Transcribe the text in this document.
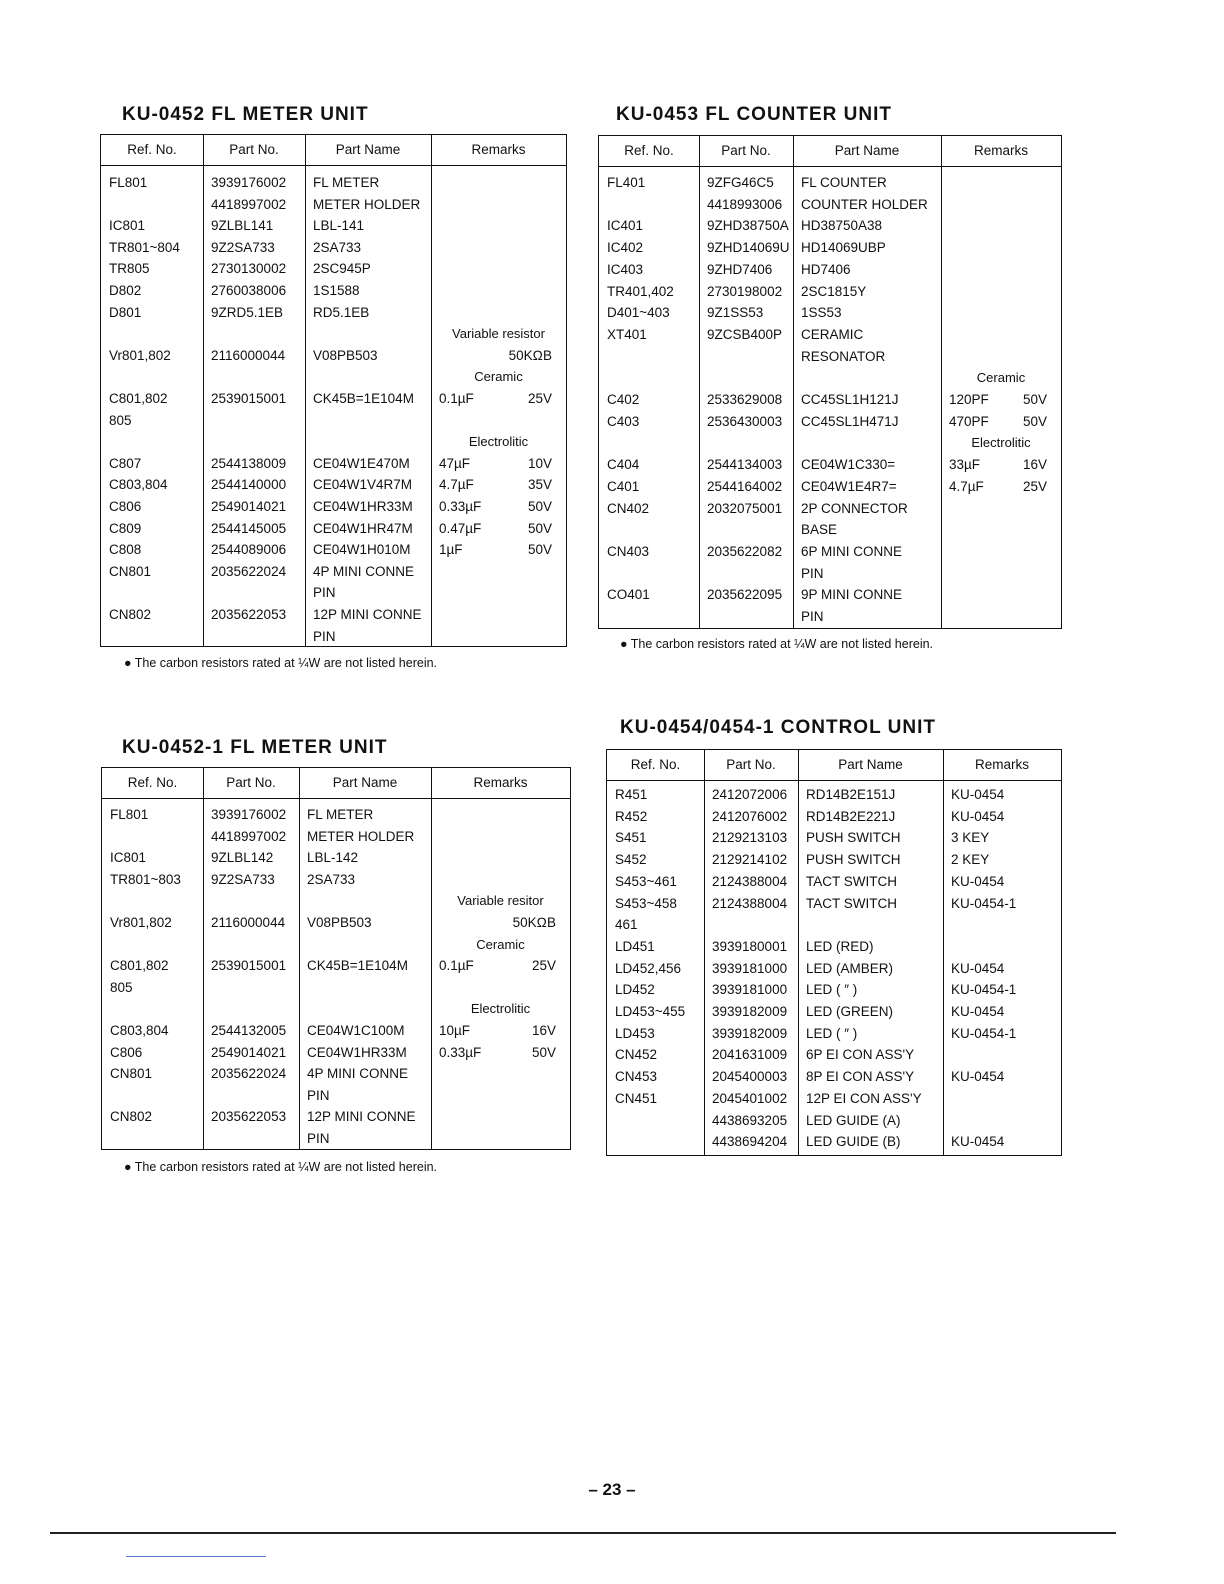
KU-0452 FL METER UNIT
Ref. No.	Part No.	Part Name	Remarks
FL801	3939176002 FL METER
4418997002 METER HOLDER
IC801	9ZLBL141	LBL-141
TR801~804 9Z2SA733	2SA733
TR805	2730130002 2SC945P
D802	2760038006 1S1588
D801	9ZRD5.1EB RD5.1EB
Variable resistor
Vr801,802	2116000044 V08PB503	50KΩB
Ceramic
C801,802	2539015001 CK45B=1E104M 0.1µF	25V
805
Electrolitic
C807	2544138009 CE04W1E470M 47µF	10V
C803,804	2544140000 CE04W1V4R7M 4.7µF	35V
C806	2549014021 CE04W1HR33M 0.33µF	50V
C809	2544145005 CE04W1HR47M 0.47µF	50V
C808	2544089006 CE04W1H010M 1µF	50V
CN801	2035622024 4P MINI CONNE
PIN
CN802	2035622053 12P MINI CONNE
PIN
● The carbon resistors rated at ¼W are not listed herein.
KU-0453 FL COUNTER UNIT
Ref. No.	Part No.	Part Name	Remarks
FL401	9ZFG46C5 FL COUNTER
4418993006 COUNTER HOLDER
IC401	9ZHD38750A HD38750A38
IC402	9ZHD14069U HD14069UBP
IC403	9ZHD7406 HD7406
TR401,402 2730198002 2SC1815Y
D401~403	9Z1SS53	1SS53
XT401	9ZCSB400P CERAMIC
RESONATOR
Ceramic
C402	2533629008 CC45SL1H121J	120PF	50V
C403	2536430003 CC45SL1H471J	470PF	50V
Electrolitic
C404	2544134003 CE04W1C330=	33µF	16V
C401	2544164002 CE04W1E4R7=	4.7µF	25V
CN402	2032075001 2P CONNECTOR
BASE
CN403	2035622082 6P MINI CONNE
PIN
CO401	2035622095 9P MINI CONNE
PIN
● The carbon resistors rated at ¼W are not listed herein.
KU-0452-1 FL METER UNIT
Ref. No.	Part No.	Part Name	Remarks
FL801	3939176002 FL METER
4418997002 METER HOLDER
IC801	9ZLBL142 LBL-142
TR801~803 9Z2SA733 2SA733
Variable resitor
Vr801,802	2116000044 V08PB503	50KΩB
Ceramic
C801,802	2539015001 CK45B=1E104M 0.1µF	25V
805
Electrolitic
C803,804	2544132005 CE04W1C100M	10µF	16V
C806	2549014021 CE04W1HR33M 0.33µF	50V
CN801	2035622024 4P MINI CONNE
PIN
CN802	2035622053 12P MINI CONNE
PIN
● The carbon resistors rated at ¼W are not listed herein.
KU-0454/0454-1 CONTROL UNIT
Ref. No.	Part No.	Part Name	Remarks
R451	2412072006 RD14B2E151J	KU-0454
R452	2412076002 RD14B2E221J	KU-0454
S451	2129213103 PUSH SWITCH	3 KEY
S452	2129214102 PUSH SWITCH	2 KEY
S453~461	2124388004 TACT SWITCH	KU-0454
S453~458	2124388004 TACT SWITCH	KU-0454-1
461
LD451	3939180001 LED (RED)
LD452,456 3939181000 LED (AMBER)	KU-0454
LD452	3939181000 LED ( ″ )	KU-0454-1
LD453~455 3939182009 LED (GREEN)	KU-0454
LD453	3939182009 LED ( ″ )	KU-0454-1
CN452	2041631009 6P EI CON ASS'Y
CN453	2045400003 8P EI CON ASS'Y	KU-0454
CN451	2045401002 12P EI CON ASS'Y
4438693205 LED GUIDE (A)
4438694204 LED GUIDE (B)	KU-0454
– 23 –
